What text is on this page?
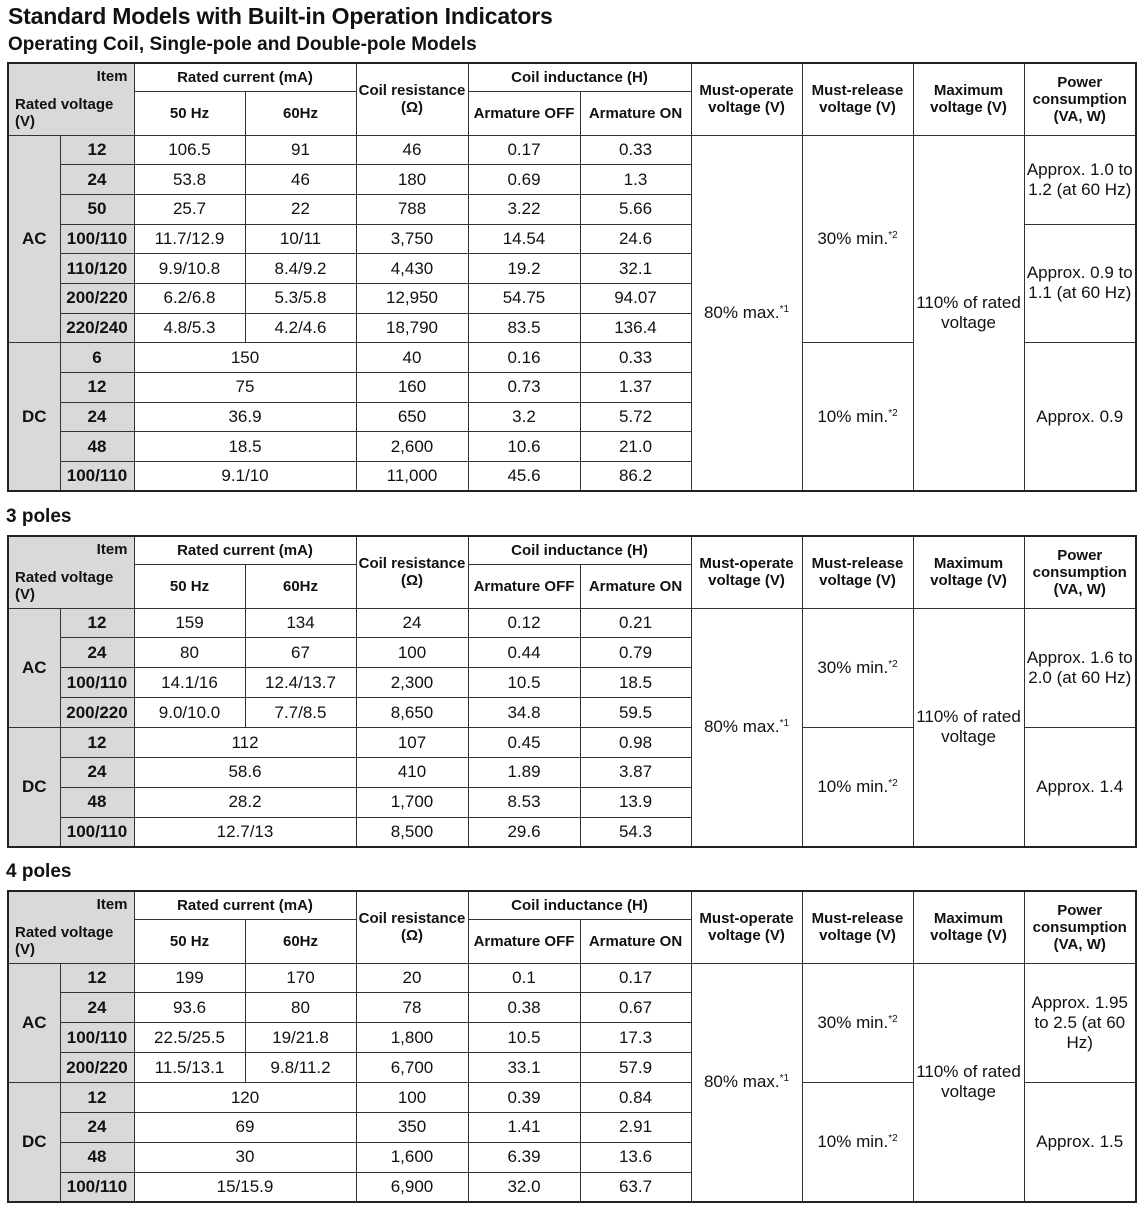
Standard Models with Built-in Operation Indicators
Operating Coil, Single-pole and Double-pole Models
Item
Rated voltage (V)		Rated current (mA)		Coil resistance (Ω)	Coil inductance (H)		Must-operate voltage (V)	Must-release voltage (V)	Maximum voltage (V)	Power consumption (VA, W)
		50 Hz	60Hz		Armature OFF	Armature ON				
AC	12	106.5	91	46	0.17	0.33	80% max.$^{*1}$	30% min.$^{*2}$	110% of rated voltage	Approx. 1.0 to 1.2 (at 60 Hz)
	24	53.8	46	180	0.69	1.3				
	50	25.7	22	788	3.22	5.66				
	100/110	11.7/12.9	10/11	3,750	14.54	24.6				Approx. 0.9 to 1.1 (at 60 Hz)
	110/120	9.9/10.8	8.4/9.2	4,430	19.2	32.1				
	200/220	6.2/6.8	5.3/5.8	12,950	54.75	94.07				
	220/240	4.8/5.3	4.2/4.6	18,790	83.5	136.4				
DC	6	150		40	0.16	0.33		10% min.$^{*2}$		Approx. 0.9
	12	75		160	0.73	1.37				
	24	36.9		650	3.2	5.72				
	48	18.5		2,600	10.6	21.0				
	100/110	9.1/10		11,000	45.6	86.2				
3 poles
Item
Rated voltage (V)		Rated current (mA)		Coil resistance (Ω)	Coil inductance (H)		Must-operate voltage (V)	Must-release voltage (V)	Maximum voltage (V)	Power consumption (VA, W)
		50 Hz	60Hz		Armature OFF	Armature ON				
AC	12	159	134	24	0.12	0.21	80% max.$^{*1}$	30% min.$^{*2}$	110% of rated voltage	Approx. 1.6 to 2.0 (at 60 Hz)
	24	80	67	100	0.44	0.79				
	100/110	14.1/16	12.4/13.7	2,300	10.5	18.5				
	200/220	9.0/10.0	7.7/8.5	8,650	34.8	59.5				
DC	12	112		107	0.45	0.98		10% min.$^{*2}$		Approx. 1.4
	24	58.6		410	1.89	3.87				
	48	28.2		1,700	8.53	13.9				
	100/110	12.7/13		8,500	29.6	54.3				
4 poles
Item
Rated voltage (V)		Rated current (mA)		Coil resistance (Ω)	Coil inductance (H)		Must-operate voltage (V)	Must-release voltage (V)	Maximum voltage (V)	Power consumption (VA, W)
		50 Hz	60Hz		Armature OFF	Armature ON				
AC	12	199	170	20	0.1	0.17	80% max.$^{*1}$	30% min.$^{*2}$	110% of rated voltage	Approx. 1.95 to 2.5 (at 60 Hz)
	24	93.6	80	78	0.38	0.67				
	100/110	22.5/25.5	19/21.8	1,800	10.5	17.3				
	200/220	11.5/13.1	9.8/11.2	6,700	33.1	57.9				
DC	12	120		100	0.39	0.84		10% min.$^{*2}$		Approx. 1.5
	24	69		350	1.41	2.91				
	48	30		1,600	6.39	13.6				
	100/110	15/15.9		6,900	32.0	63.7				
